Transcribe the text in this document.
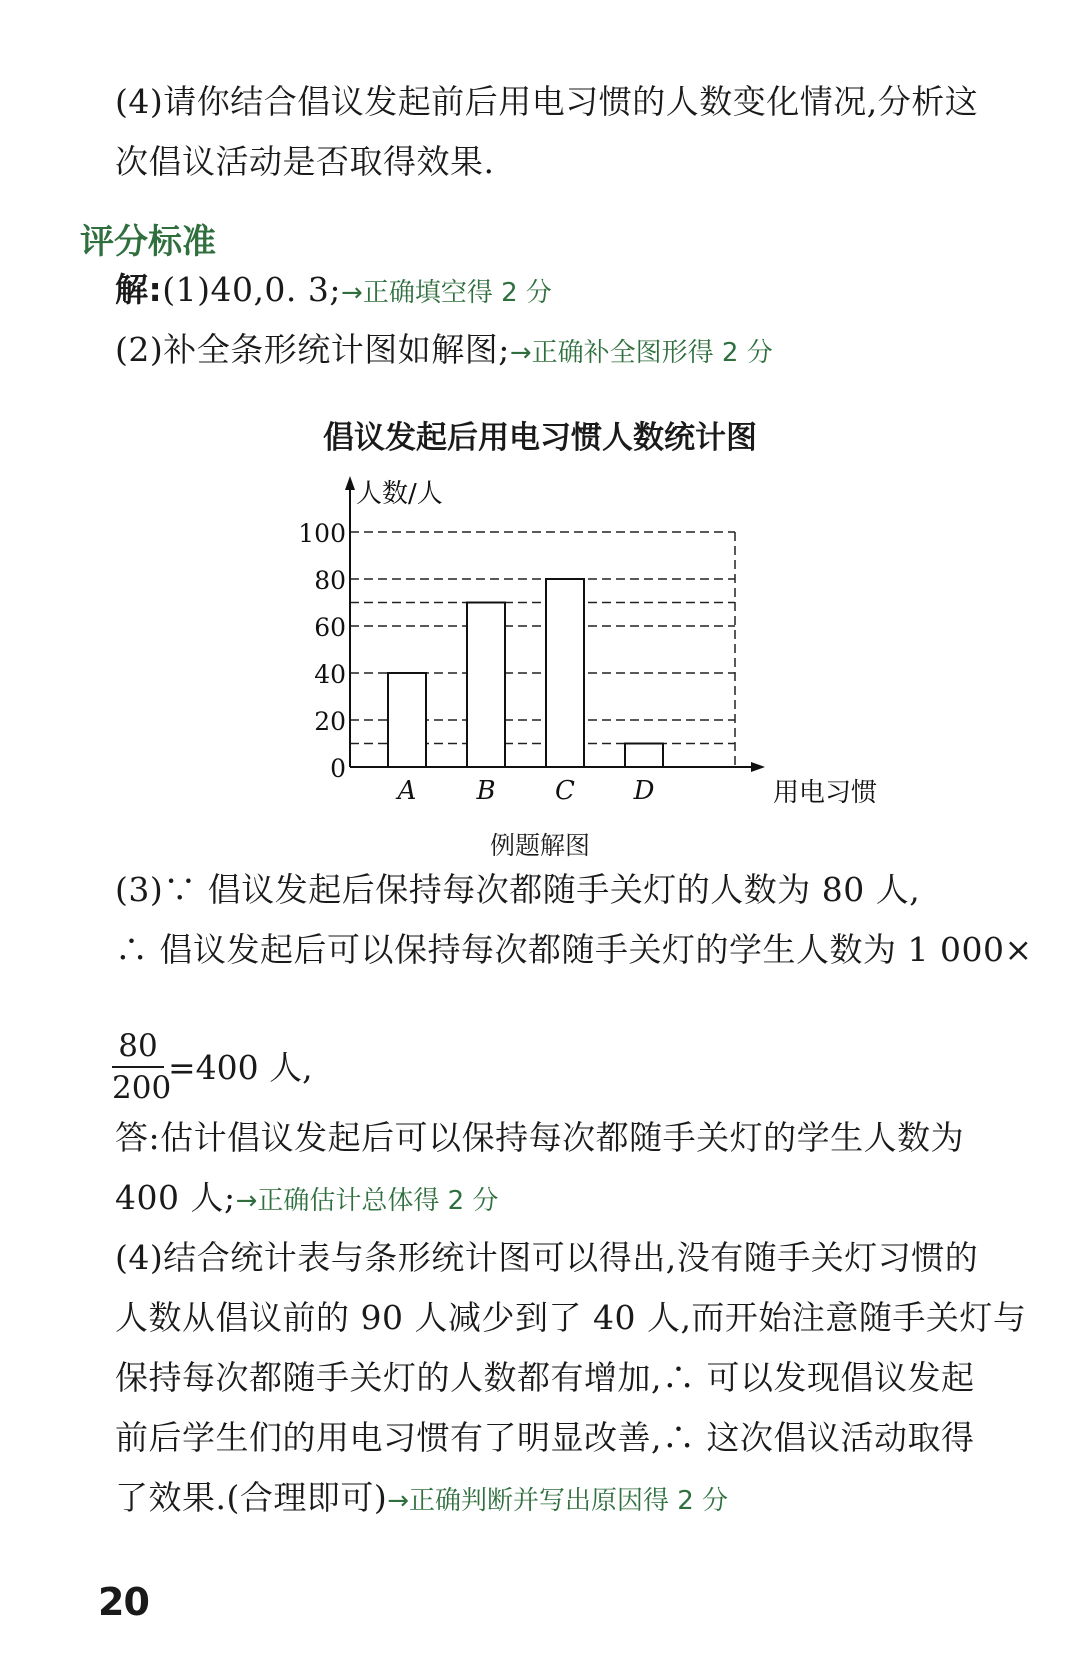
(4)请你结合倡议发起前后用电习惯的人数变化情况,分析这
次倡议活动是否取得效果.
评分标准
解:(1)40,0. 3;→正确填空得 2 分
(2)补全条形统计图如解图;→正确补全图形得 2 分
倡议发起后用电习惯人数统计图
A B C D
0
20
40
60
80
100
人数/人
用电习惯
例题解图
(3)∵ 倡议发起后保持每次都随手关灯的人数为 80 人,
∴ 倡议发起后可以保持每次都随手关灯的学生人数为 1 000×
$\frac{80}{200} =400$ 人,
答:估计倡议发起后可以保持每次都随手关灯的学生人数为
400 人;→正确估计总体得 2 分
(4)结合统计表与条形统计图可以得出,没有随手关灯习惯的
人数从倡议前的 90 人减少到了 40 人,而开始注意随手关灯与
保持每次都随手关灯的人数都有增加,∴ 可以发现倡议发起
前后学生们的用电习惯有了明显改善,∴ 这次倡议活动取得
了效果.(合理即可)→正确判断并写出原因得 2 分
20
